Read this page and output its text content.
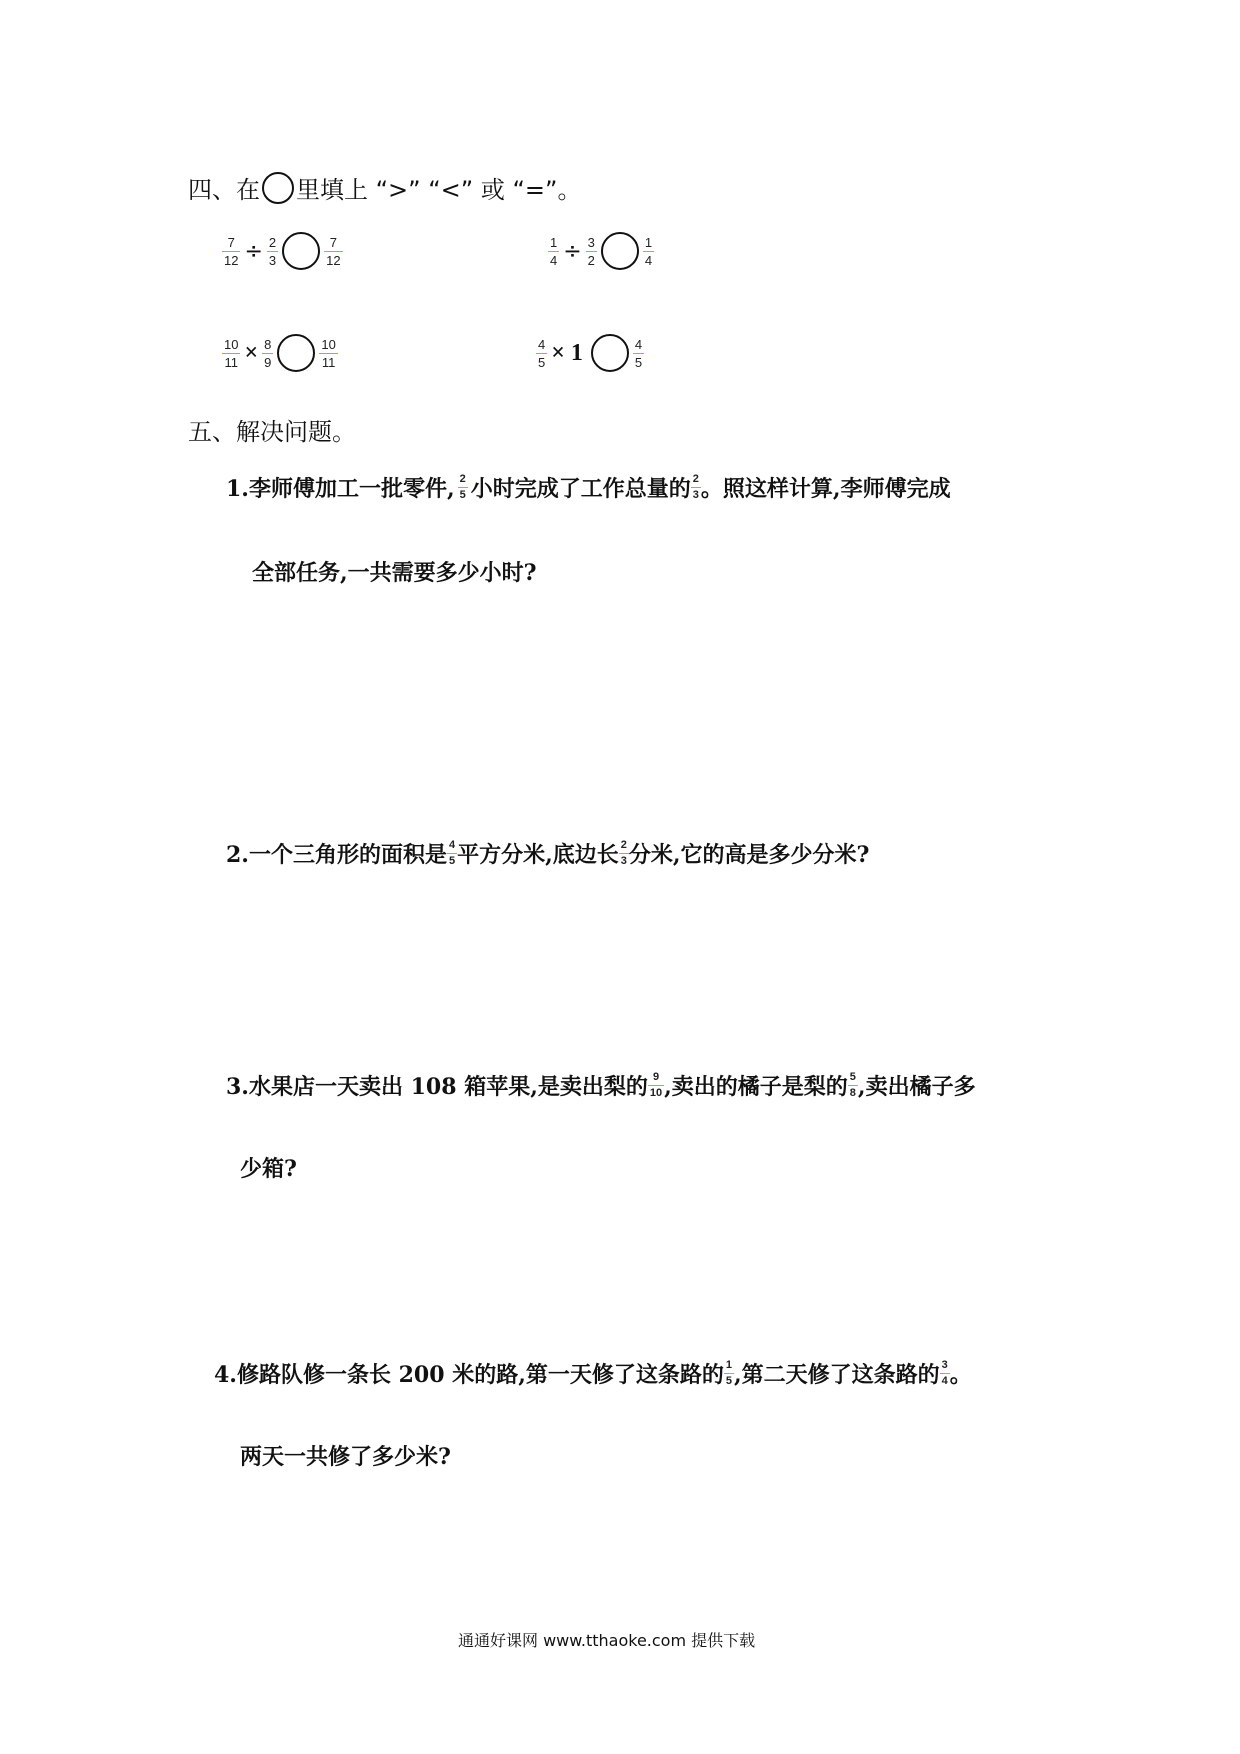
四、在 里填上 “>” “<” 或 “=”。
$\frac{7}{12} \div \frac{2}{3}$	$\frac{7}{12}$	$\frac{1}{4} \div \frac{3}{2}$	$\frac{1}{4}$
$\frac{10}{11} \times \frac{8}{9}$	$\frac{10}{11}$	$\frac{4}{5} \times 1$	$\frac{4}{5}$
五、解决问题。
1.李师傅加工一批零件, $\frac{2}{5}$ 小时完成了工作总量的 $\frac{2}{3}$ 。照这样计算,李师傅完成
全部任务,一共需要多少小时?
2.一个三角形的面积是 $\frac{4}{5}$ 平方分米,底边长 $\frac{2}{3}$ 分米,它的高是多少分米?
3.水果店一天卖出 108 箱苹果,是卖出梨的 $\frac{9}{10}$ ,卖出的橘子是梨的 $\frac{5}{8}$ ,卖出橘子多
少箱?
4.修路队修一条长 200 米的路,第一天修了这条路的 $\frac{1}{5}$ ,第二天修了这条路的 $\frac{3}{4}$ 。
两天一共修了多少米?
通通好课网 www.tthaoke.com 提供下载
